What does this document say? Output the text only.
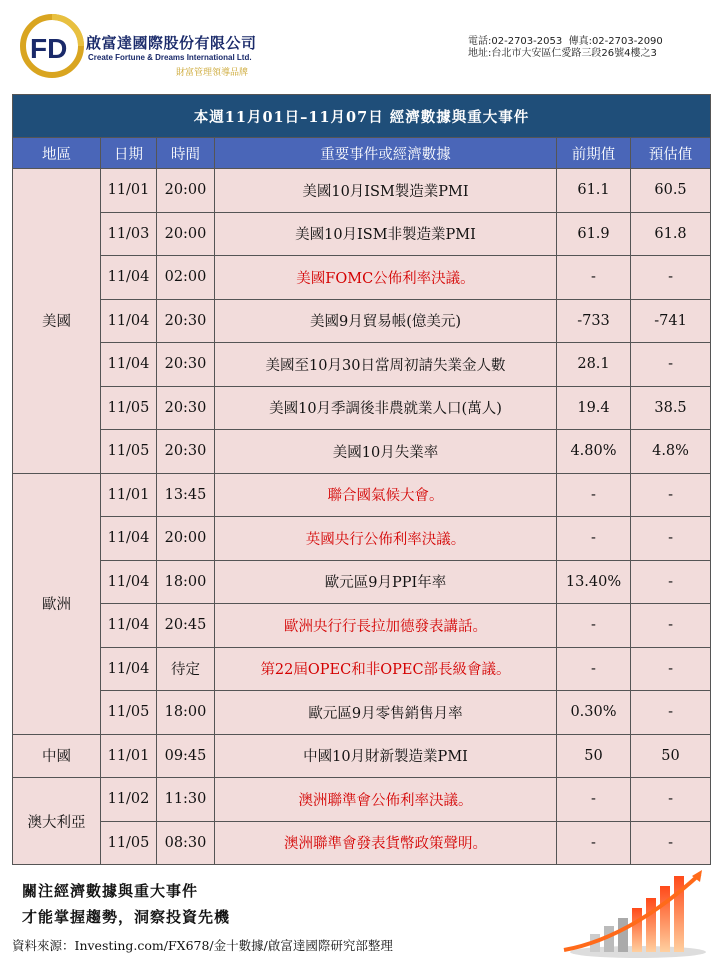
FD 啟富達國際股份有限公司
Create Fortune & Dreams International Ltd.
財富管理領導品牌
電話:02-2703-2053 傳真:02-2703-2090
地址:台北市大安區仁愛路三段26號4樓之3
本週11月01日–11月07日 經濟數據與重大事件					
地區	日期	時間	重要事件或經濟數據	前期值	預估值
美國	11/01	20:00	美國10月ISM製造業PMI	61.1	60.5
	11/03	20:00	美國10月ISM非製造業PMI	61.9	61.8
	11/04	02:00	美國FOMC公佈利率決議。	-	-
	11/04	20:30	美國9月貿易帳(億美元)	-733	-741
	11/04	20:30	美國至10月30日當周初請失業金人數	28.1	-
	11/05	20:30	美國10月季調後非農就業人口(萬人)	19.4	38.5
	11/05	20:30	美國10月失業率	4.80%	4.8%
歐洲	11/01	13:45	聯合國氣候大會。	-	-
	11/04	20:00	英國央行公佈利率決議。	-	-
	11/04	18:00	歐元區9月PPI年率	13.40%	-
	11/04	20:45	歐洲央行行長拉加德發表講話。	-	-
	11/04	待定	第22屆OPEC和非OPEC部長級會議。	-	-
	11/05	18:00	歐元區9月零售銷售月率	0.30%	-
中國	11/01	09:45	中國10月財新製造業PMI	50	50
澳大利亞	11/02	11:30	澳洲聯準會公佈利率決議。	-	-
	11/05	08:30	澳洲聯準會發表貨幣政策聲明。	-	-
關注經濟數據與重大事件
才能掌握趨勢，洞察投資先機
資料來源：Investing.com/FX678/金十數據/啟富達國際研究部整理
